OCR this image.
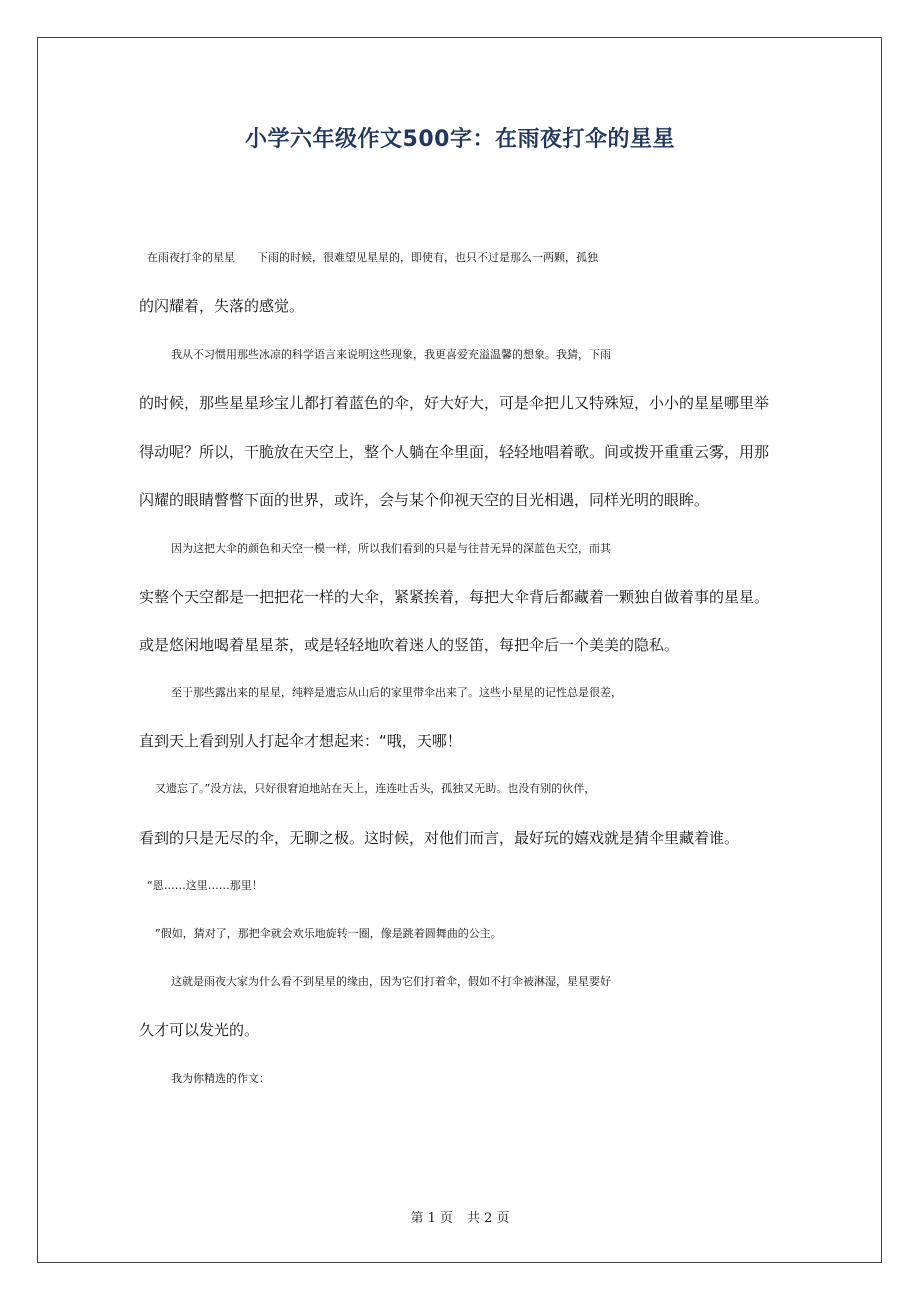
小学六年级作文500字：在雨夜打伞的星星

在雨夜打伞的星星　　下雨的时候，很难望见星星的，即使有，也只不过是那么一两颗，孤独

的闪耀着，失落的感觉。

我从不习惯用那些冰凉的科学语言来说明这些现象，我更喜爱充溢温馨的想象。我猜，下雨

的时候，那些星星珍宝儿都打着蓝色的伞，好大好大，可是伞把儿又特殊短，小小的星星哪里举

得动呢？所以，干脆放在天空上，整个人躺在伞里面，轻轻地唱着歌。间或拨开重重云雾，用那

闪耀的眼睛瞥瞥下面的世界，或许，会与某个仰视天空的目光相遇，同样光明的眼眸。

因为这把大伞的颜色和天空一模一样，所以我们看到的只是与往昔无异的深蓝色天空，而其

实整个天空都是一把把花一样的大伞，紧紧挨着，每把大伞背后都藏着一颗独自做着事的星星。

或是悠闲地喝着星星茶，或是轻轻地吹着迷人的竖笛，每把伞后一个美美的隐私。

至于那些露出来的星星，纯粹是遗忘从山后的家里带伞出来了。这些小星星的记性总是很差，

直到天上看到别人打起伞才想起来：“哦，天哪！

又遗忘了。”没方法，只好很窘迫地站在天上，连连吐舌头，孤独又无助。也没有别的伙伴，

看到的只是无尽的伞，无聊之极。这时候，对他们而言，最好玩的嬉戏就是猜伞里藏着谁。

“恩……这里……那里！

”假如，猜对了，那把伞就会欢乐地旋转一圈，像是跳着圆舞曲的公主。

这就是雨夜大家为什么看不到星星的缘由，因为它们打着伞，假如不打伞被淋湿，星星要好

久才可以发光的。

我为你精选的作文：

第 1 页 共 2 页
